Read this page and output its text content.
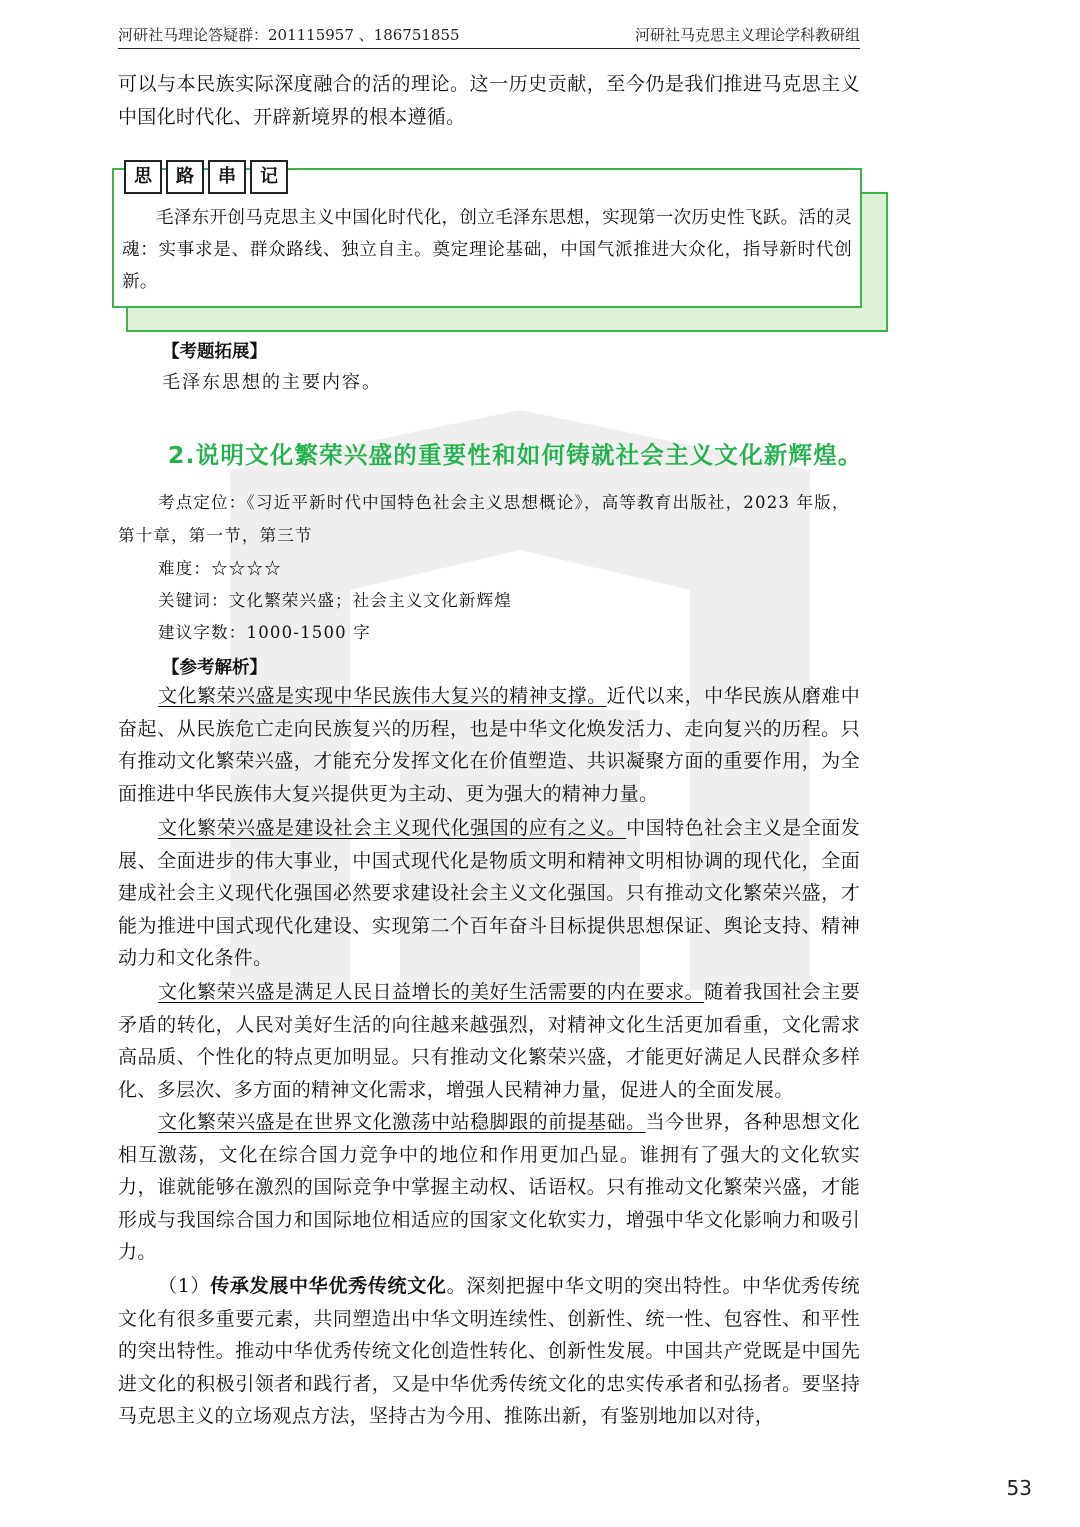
河研社马理论答疑群：201115957 、186751855	河研社马克思主义理论学科教研组

可以与本民族实际深度融合的活的理论。这一历史贡献，至今仍是我们推进马克思主义中国化时代化、开辟新境界的根本遵循。

思	路	串	记
毛泽东开创马克思主义中国化时代化，创立毛泽东思想，实现第一次历史性飞跃。活的灵魂：实事求是、群众路线、独立自主。奠定理论基础，中国气派推进大众化，指导新时代创新。
【考题拓展】
毛泽东思想的主要内容。
2.说明文化繁荣兴盛的重要性和如何铸就社会主义文化新辉煌。
考点定位：《习近平新时代中国特色社会主义思想概论》，高等教育出版社，2023 年版，第十章，第一节，第三节
难度：☆☆☆☆
关键词：文化繁荣兴盛；社会主义文化新辉煌
建议字数：1000-1500 字
【参考解析】

文化繁荣兴盛是实现中华民族伟大复兴的精神支撑。近代以来，中华民族从磨难中奋起、从民族危亡走向民族复兴的历程，也是中华文化焕发活力、走向复兴的历程。只有推动文化繁荣兴盛，才能充分发挥文化在价值塑造、共识凝聚方面的重要作用，为全面推进中华民族伟大复兴提供更为主动、更为强大的精神力量。

文化繁荣兴盛是建设社会主义现代化强国的应有之义。中国特色社会主义是全面发展、全面进步的伟大事业，中国式现代化是物质文明和精神文明相协调的现代化，全面建成社会主义现代化强国必然要求建设社会主义文化强国。只有推动文化繁荣兴盛，才能为推进中国式现代化建设、实现第二个百年奋斗目标提供思想保证、舆论支持、精神动力和文化条件。

文化繁荣兴盛是满足人民日益增长的美好生活需要的内在要求。随着我国社会主要矛盾的转化，人民对美好生活的向往越来越强烈，对精神文化生活更加看重，文化需求高品质、个性化的特点更加明显。只有推动文化繁荣兴盛，才能更好满足人民群众多样化、多层次、多方面的精神文化需求，增强人民精神力量，促进人的全面发展。

文化繁荣兴盛是在世界文化激荡中站稳脚跟的前提基础。当今世界，各种思想文化相互激荡，文化在综合国力竞争中的地位和作用更加凸显。谁拥有了强大的文化软实力，谁就能够在激烈的国际竞争中掌握主动权、话语权。只有推动文化繁荣兴盛，才能形成与我国综合国力和国际地位相适应的国家文化软实力，增强中华文化影响力和吸引力。

（1）传承发展中华优秀传统文化。深刻把握中华文明的突出特性。中华优秀传统文化有很多重要元素，共同塑造出中华文明连续性、创新性、统一性、包容性、和平性的突出特性。推动中华优秀传统文化创造性转化、创新性发展。中国共产党既是中国先进文化的积极引领者和践行者，又是中华优秀传统文化的忠实传承者和弘扬者。要坚持马克思主义的立场观点方法，坚持古为今用、推陈出新，有鉴别地加以对待，

53
